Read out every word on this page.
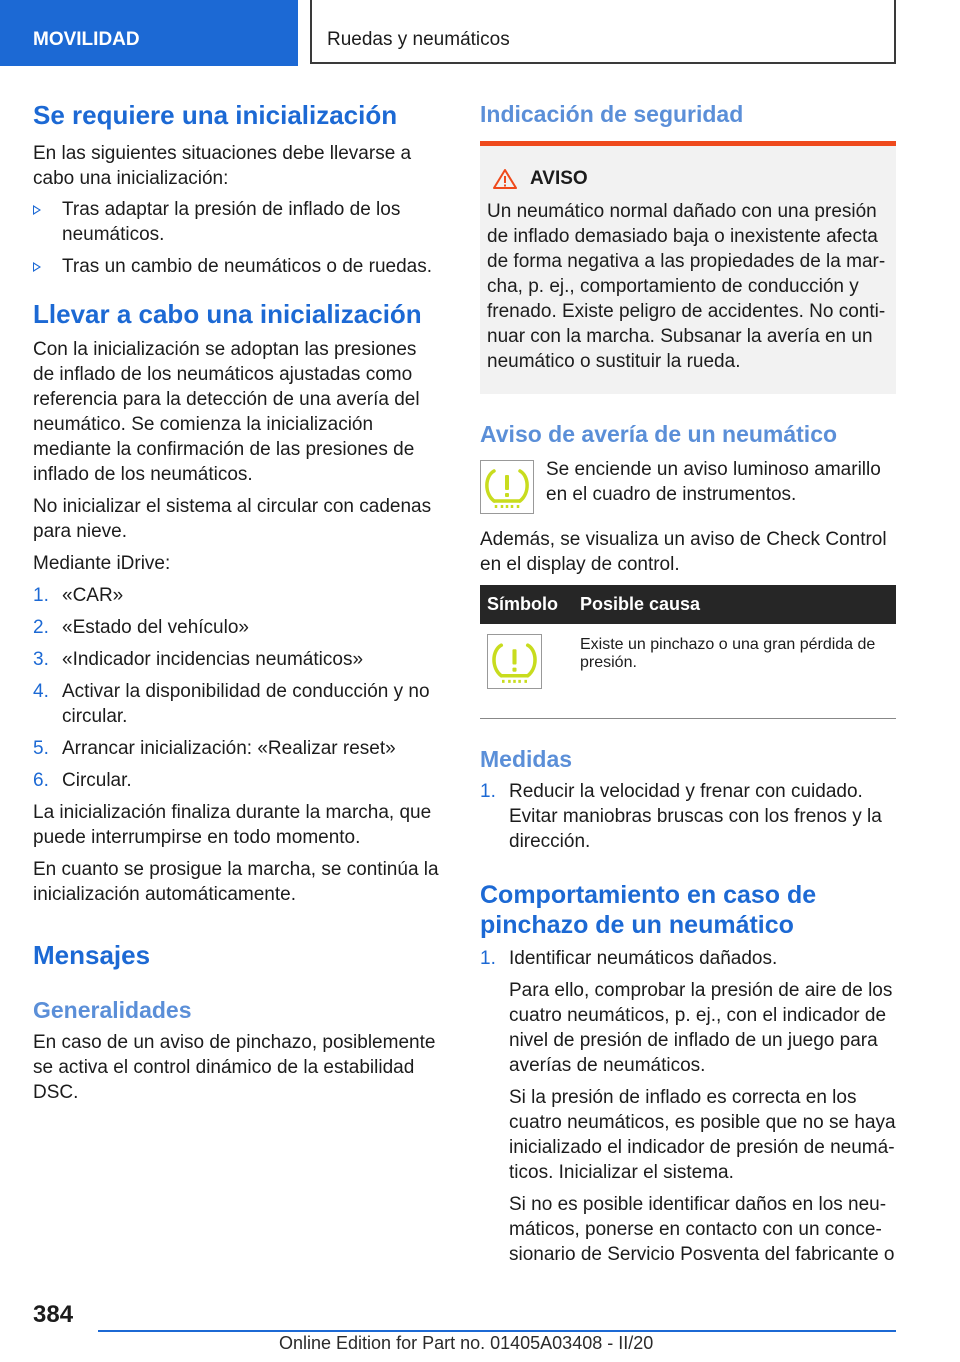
MOVILIDAD	Ruedas y neumáticos
Se requiere una inicialización

En las siguientes situaciones debe llevarse a cabo una inicialización:

Tras adaptar la presión de inflado de los neumáticos.
Tras un cambio de neumáticos o de ruedas.
Llevar a cabo una inicialización

Con la inicialización se adoptan las presiones de inflado de los neumáticos ajustadas como referencia para la detección de una avería del neumático. Se comienza la inicialización mediante la confirmación de las presiones de inflado de los neumáticos.

No inicializar el sistema al circular con cadenas para nieve.

Mediante iDrive:

1. «CAR»
2. «Estado del vehículo»
3. «Indicador incidencias neumáticos»
4. Activar la disponibilidad de conducción y no circular.
5. Arrancar inicialización: «Realizar reset»
6. Circular.

La inicialización finaliza durante la marcha, que puede interrumpirse en todo momento.

En cuanto se prosigue la marcha, se continúa la inicialización automáticamente.

Mensajes
Generalidades

En caso de un aviso de pinchazo, posiblemente se activa el control dinámico de la estabilidad DSC.

Indicación de seguridad
AVISO

Un neumático normal dañado con una presión de inflado demasiado baja o inexistente afecta de forma negativa a las propiedades de la marcha, p. ej., comportamiento de conducción y frenado. Existe peligro de accidentes. No continuar con la marcha. Subsanar la avería en un neumático o sustituir la rueda.

Aviso de avería de un neumático

Se enciende un aviso luminoso amarillo en el cuadro de instrumentos.

Además, se visualiza un aviso de Check Control en el display de control.

Símbolo	Posible causa

	Existe un pinchazo o una gran pérdida de presión.
Medidas
1. Reducir la velocidad y frenar con cuidado. Evitar maniobras bruscas con los frenos y la dirección.
Comportamiento en caso de pinchazo de un neumático
1. Identificar neumáticos dañados.

Para ello, comprobar la presión de aire de los cuatro neumáticos, p. ej., con el indicador de nivel de presión de inflado de un juego para averías de neumáticos.

Si la presión de inflado es correcta en los cuatro neumáticos, es posible que no se haya inicializado el indicador de presión de neumáticos. Inicializar el sistema.

Si no es posible identificar daños en los neumáticos, ponerse en contacto con un concesionario de Servicio Posventa del fabricante o

384
Online Edition for Part no. 01405A03408 - II/20
